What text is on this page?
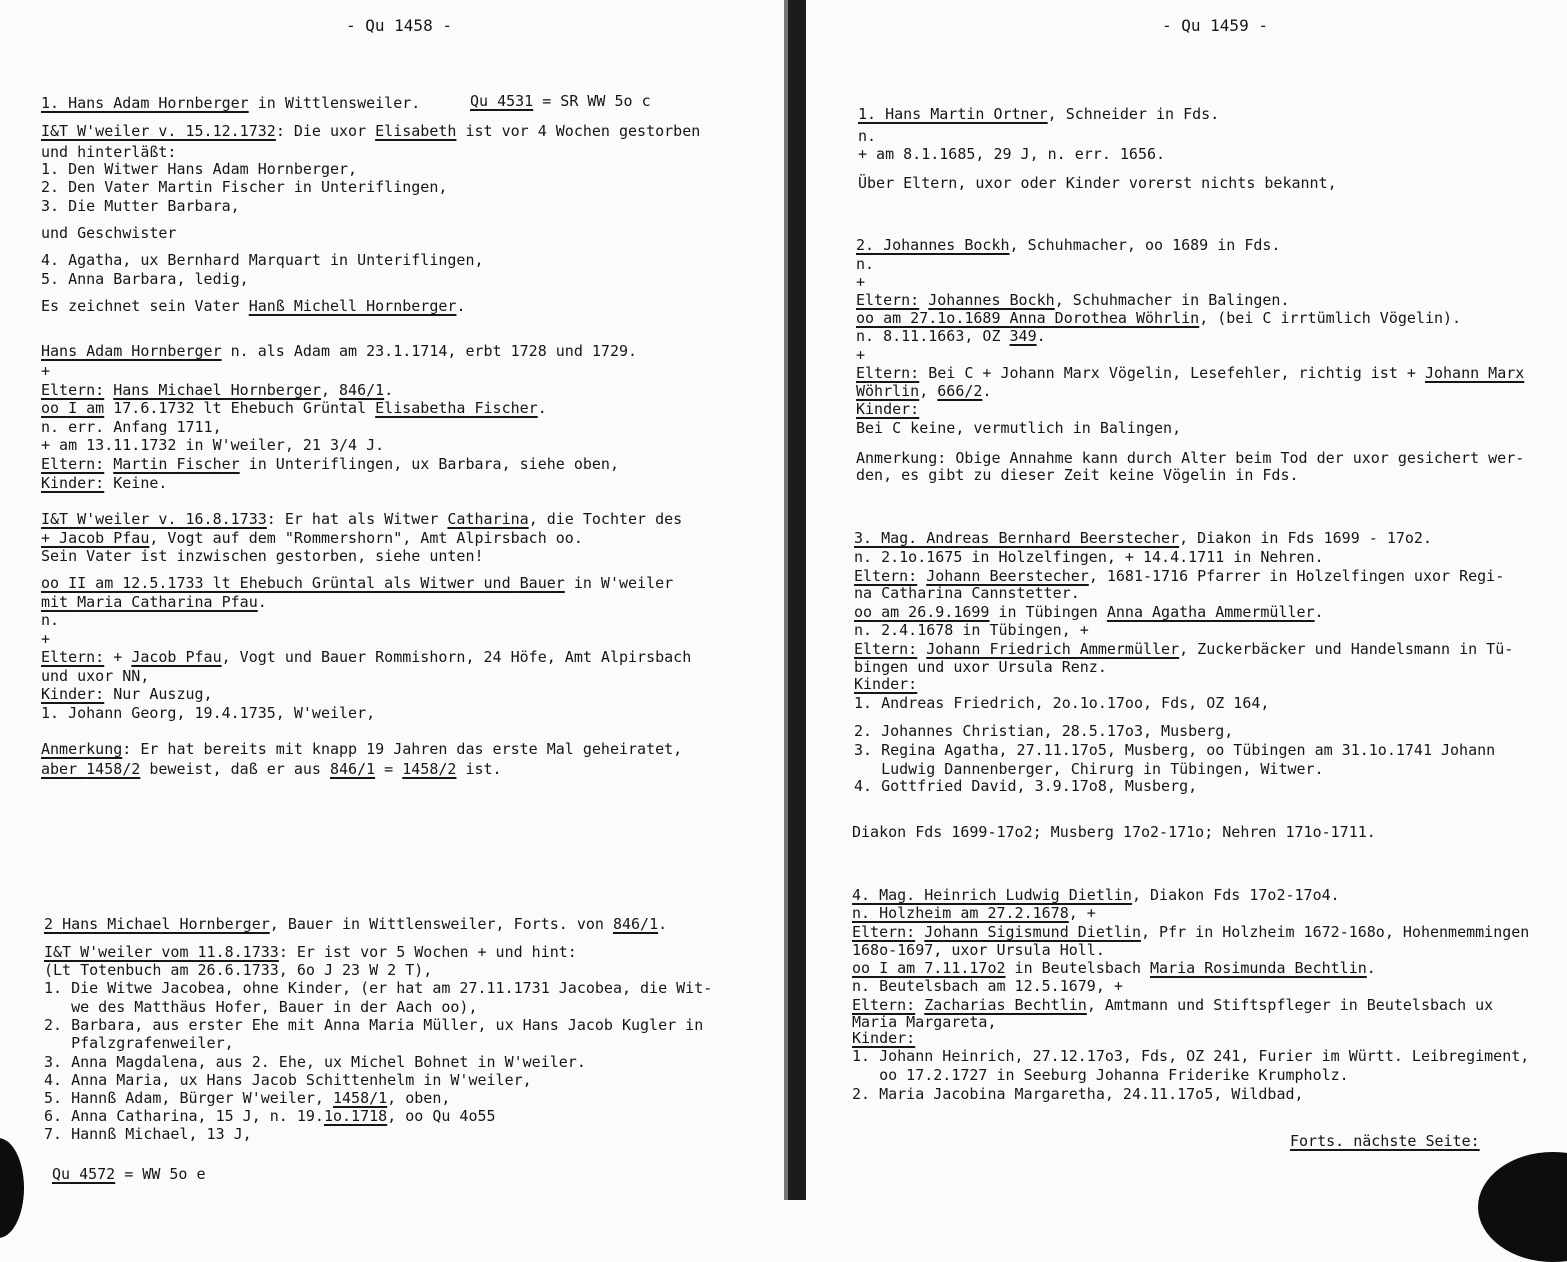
- Qu 1458 -
1. Hans Adam Hornberger in Wittlensweiler.	Qu 4531 = SR WW 5o c
I&T W'weiler v. 15.12.1732: Die uxor Elisabeth ist vor 4 Wochen gestorben
und hinterläßt:
1. Den Witwer Hans Adam Hornberger,
2. Den Vater Martin Fischer in Unteriflingen,
3. Die Mutter Barbara,
und Geschwister
4. Agatha, ux Bernhard Marquart in Unteriflingen,
5. Anna Barbara, ledig,
Es zeichnet sein Vater Hanß Michell Hornberger.
Hans Adam Hornberger n. als Adam am 23.1.1714, erbt 1728 und 1729.
+
Eltern: Hans Michael Hornberger, 846/1.
oo I am 17.6.1732 lt Ehebuch Grüntal Elisabetha Fischer.
n. err. Anfang 1711,
+ am 13.11.1732 in W'weiler, 21 3/4 J.
Eltern: Martin Fischer in Unteriflingen, ux Barbara, siehe oben,
Kinder: Keine.
I&T W'weiler v. 16.8.1733: Er hat als Witwer Catharina, die Tochter des
+ Jacob Pfau, Vogt auf dem "Rommershorn", Amt Alpirsbach oo.
Sein Vater ist inzwischen gestorben, siehe unten!
oo II am 12.5.1733 lt Ehebuch Grüntal als Witwer und Bauer in W'weiler
mit Maria Catharina Pfau.
n.
+
Eltern: + Jacob Pfau, Vogt und Bauer Rommishorn, 24 Höfe, Amt Alpirsbach
und uxor NN,
Kinder: Nur Auszug,
1. Johann Georg, 19.4.1735, W'weiler,
Anmerkung: Er hat bereits mit knapp 19 Jahren das erste Mal geheiratet,
aber 1458/2 beweist, daß er aus 846/1 = 1458/2 ist.
2 Hans Michael Hornberger, Bauer in Wittlensweiler, Forts. von 846/1.
I&T W'weiler vom 11.8.1733: Er ist vor 5 Wochen + und hint:
(Lt Totenbuch am 26.6.1733, 6o J 23 W 2 T),
1. Die Witwe Jacobea, ohne Kinder, (er hat am 27.11.1731 Jacobea, die Wit-
we des Matthäus Hofer, Bauer in der Aach oo),
2. Barbara, aus erster Ehe mit Anna Maria Müller, ux Hans Jacob Kugler in
Pfalzgrafenweiler,
3. Anna Magdalena, aus 2. Ehe, ux Michel Bohnet in W'weiler.
4. Anna Maria, ux Hans Jacob Schittenhelm in W'weiler,
5. Hannß Adam, Bürger W'weiler, 1458/1, oben,
6. Anna Catharina, 15 J, n. 19.1o.1718, oo Qu 4o55
7. Hannß Michael, 13 J,
Qu 4572 = WW 5o e
- Qu 1459 -
1. Hans Martin Ortner, Schneider in Fds.
n.
+ am 8.1.1685, 29 J, n. err. 1656.
Über Eltern, uxor oder Kinder vorerst nichts bekannt,
2. Johannes Bockh, Schuhmacher, oo 1689 in Fds.
n.
+
Eltern: Johannes Bockh, Schuhmacher in Balingen.
oo am 27.1o.1689 Anna Dorothea Wöhrlin, (bei C irrtümlich Vögelin).
n. 8.11.1663, OZ 349.
+
Eltern: Bei C + Johann Marx Vögelin, Lesefehler, richtig ist + Johann Marx
Wöhrlin, 666/2.
Kinder:
Bei C keine, vermutlich in Balingen,
Anmerkung: Obige Annahme kann durch Alter beim Tod der uxor gesichert wer-
den, es gibt zu dieser Zeit keine Vögelin in Fds.
3. Mag. Andreas Bernhard Beerstecher, Diakon in Fds 1699 - 17o2.
n. 2.1o.1675 in Holzelfingen, + 14.4.1711 in Nehren.
Eltern: Johann Beerstecher, 1681-1716 Pfarrer in Holzelfingen uxor Regi-
na Catharina Cannstetter.
oo am 26.9.1699 in Tübingen Anna Agatha Ammermüller.
n. 2.4.1678 in Tübingen, +
Eltern: Johann Friedrich Ammermüller, Zuckerbäcker und Handelsmann in Tü-
bingen und uxor Ursula Renz.
Kinder:
1. Andreas Friedrich, 2o.1o.17oo, Fds, OZ 164,
2. Johannes Christian, 28.5.17o3, Musberg,
3. Regina Agatha, 27.11.17o5, Musberg, oo Tübingen am 31.1o.1741 Johann
Ludwig Dannenberger, Chirurg in Tübingen, Witwer.
4. Gottfried David, 3.9.17o8, Musberg,
Diakon Fds 1699-17o2; Musberg 17o2-171o; Nehren 171o-1711.
4. Mag. Heinrich Ludwig Dietlin, Diakon Fds 17o2-17o4.
n. Holzheim am 27.2.1678, +
Eltern: Johann Sigismund Dietlin, Pfr in Holzheim 1672-168o, Hohenmemmingen
168o-1697, uxor Ursula Holl.
oo I am 7.11.17o2 in Beutelsbach Maria Rosimunda Bechtlin.
n. Beutelsbach am 12.5.1679, +
Eltern: Zacharias Bechtlin, Amtmann und Stiftspfleger in Beutelsbach ux
Maria Margareta,
Kinder:
1. Johann Heinrich, 27.12.17o3, Fds, OZ 241, Furier im Württ. Leibregiment,
oo 17.2.1727 in Seeburg Johanna Friderike Krumpholz.
2. Maria Jacobina Margaretha, 24.11.17o5, Wildbad,
Forts. nächste Seite:
